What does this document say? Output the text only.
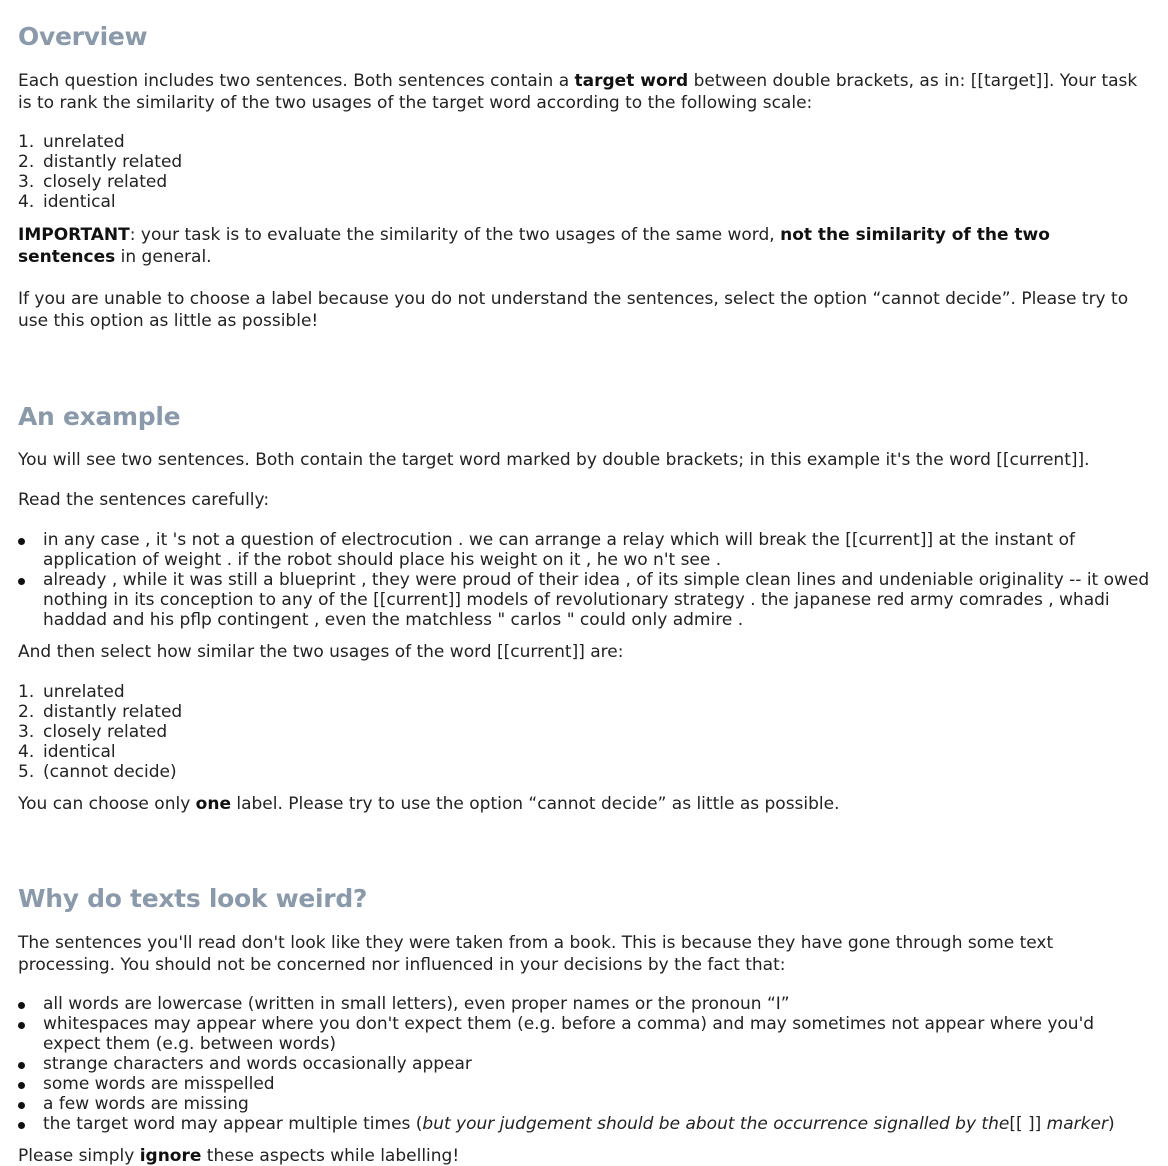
Overview

Each question includes two sentences. Both sentences contain a target word between double brackets, as in: [[target]]. Your task is to rank the similarity of the two usages of the target word according to the following scale:

1. unrelated
2. distantly related
3. closely related
4. identical

IMPORTANT: your task is to evaluate the similarity of the two usages of the same word, not the similarity of the two sentences in general.

If you are unable to choose a label because you do not understand the sentences, select the option “cannot decide”. Please try to use this option as little as possible!

An example

You will see two sentences. Both contain the target word marked by double brackets; in this example it's the word [[current]].

Read the sentences carefully:

in any case , it 's not a question of electrocution . we can arrange a relay which will break the [[current]] at the instant of application of weight . if the robot should place his weight on it , he wo n't see .
already , while it was still a blueprint , they were proud of their idea , of its simple clean lines and undeniable originality -- it owed nothing in its conception to any of the [[current]] models of revolutionary strategy . the japanese red army comrades , whadi haddad and his pflp contingent , even the matchless " carlos " could only admire .

And then select how similar the two usages of the word [[current]] are:

1. unrelated
2. distantly related
3. closely related
4. identical
5. (cannot decide)

You can choose only one label. Please try to use the option “cannot decide” as little as possible.

Why do texts look weird?

The sentences you'll read don't look like they were taken from a book. This is because they have gone through some text processing. You should not be concerned nor influenced in your decisions by the fact that:

all words are lowercase (written in small letters), even proper names or the pronoun “I”
whitespaces may appear where you don't expect them (e.g. before a comma) and may sometimes not appear where you'd expect them (e.g. between words)
strange characters and words occasionally appear
some words are misspelled
a few words are missing
the target word may appear multiple times (but your judgement should be about the occurrence signalled by the[[ ]] marker)

Please simply ignore these aspects while labelling!
